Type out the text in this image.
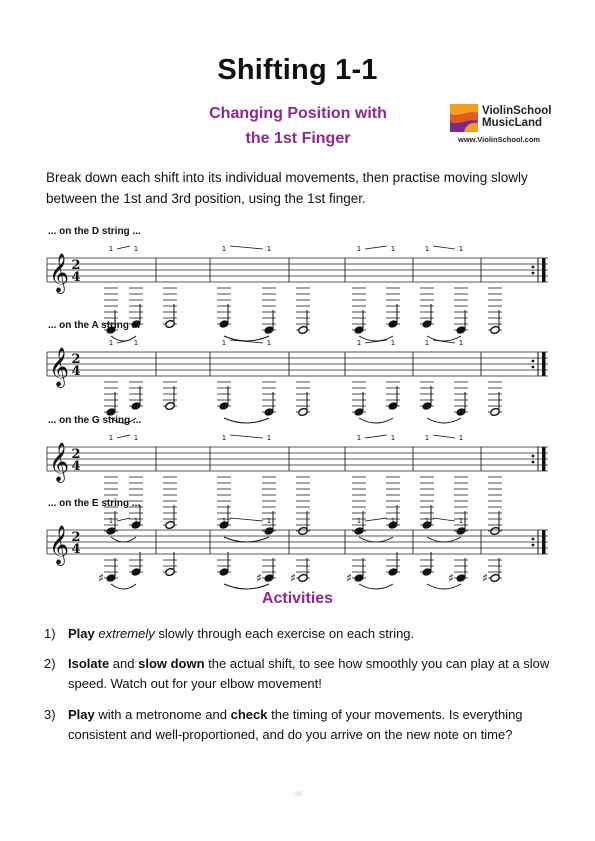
Shifting 1-1
Changing Position with
the 1st Finger
ViolinSchool
MusicLand
www.ViolinSchool.com
Break down each shift into its individual movements, then practise moving slowly between the 1st and 3rd position, using the 1st finger.
... on the D string ...
𝄞 2
4
1	1	1	1	1	1	1	1
... on the A string ...
𝄞 2
4
1	1	1	1	1	1	1	1
... on the G string ...
𝄞 2
4
1	1	1	1	1	1	1	1
... on the E string ...
𝄞 2
4
♯
1	1
♯
1	1
♯	♯
1	1
♯
1	1
♯
Activities
1) Play extremely slowly through each exercise on each string.
2) Isolate and slow down the actual shift, to see how smoothly you can play at a slow speed. Watch out for your elbow movement!
3) Play with a metronome and check the timing of your movements. Is everything consistent and well-proportioned, and do you arrive on the new note on time?
200
